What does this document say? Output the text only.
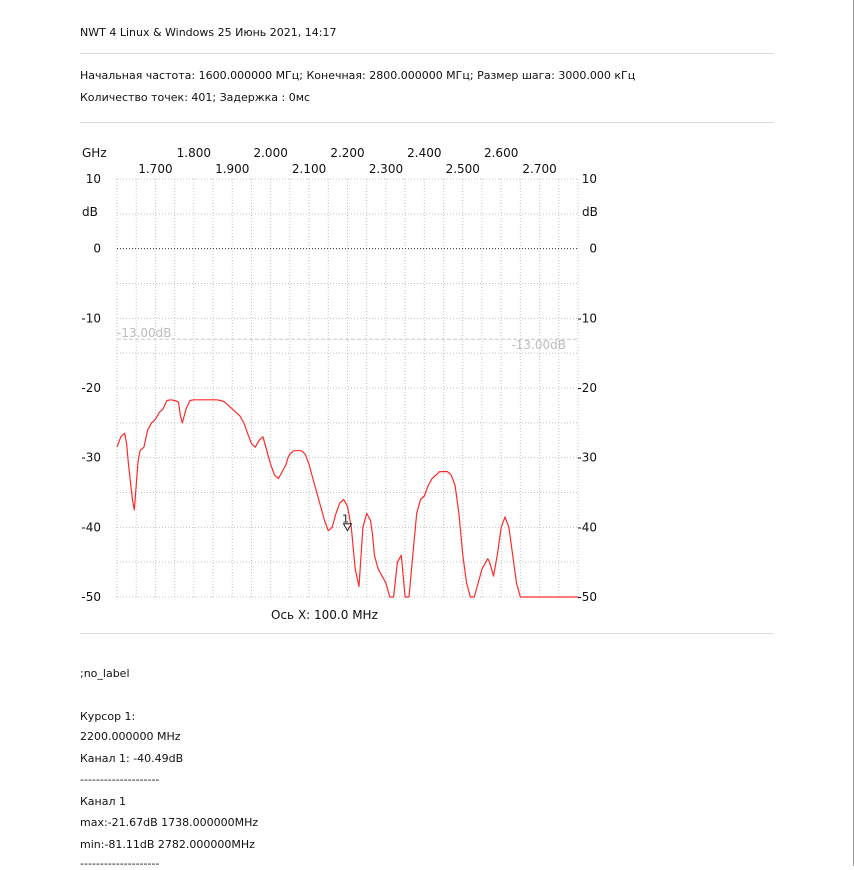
NWT 4 Linux & Windows 25 Июнь 2021, 14:17
Начальная частота: 1600.000000 МГц; Конечная: 2800.000000 МГц; Размер шага: 3000.000 кГц
Количество точек: 401; Задержка : 0мс
1.800	2.000	2.200	2.400	2.600
1.700	1.900	2.100	2.300	2.500	2.700
10	10
0	0
-10	-10
-20	-20
-30	-30
-40	-40
-50	-50
-13.00dB
-13.00dB
1
GHz
dB	dB
Ось X: 100.0 MHz
;no_label
Курсор 1:
2200.000000 MHz
Канал 1: -40.49dB
--------------------
Канал 1
max:-21.67dB 1738.000000MHz
min:-81.11dB 2782.000000MHz
--------------------
